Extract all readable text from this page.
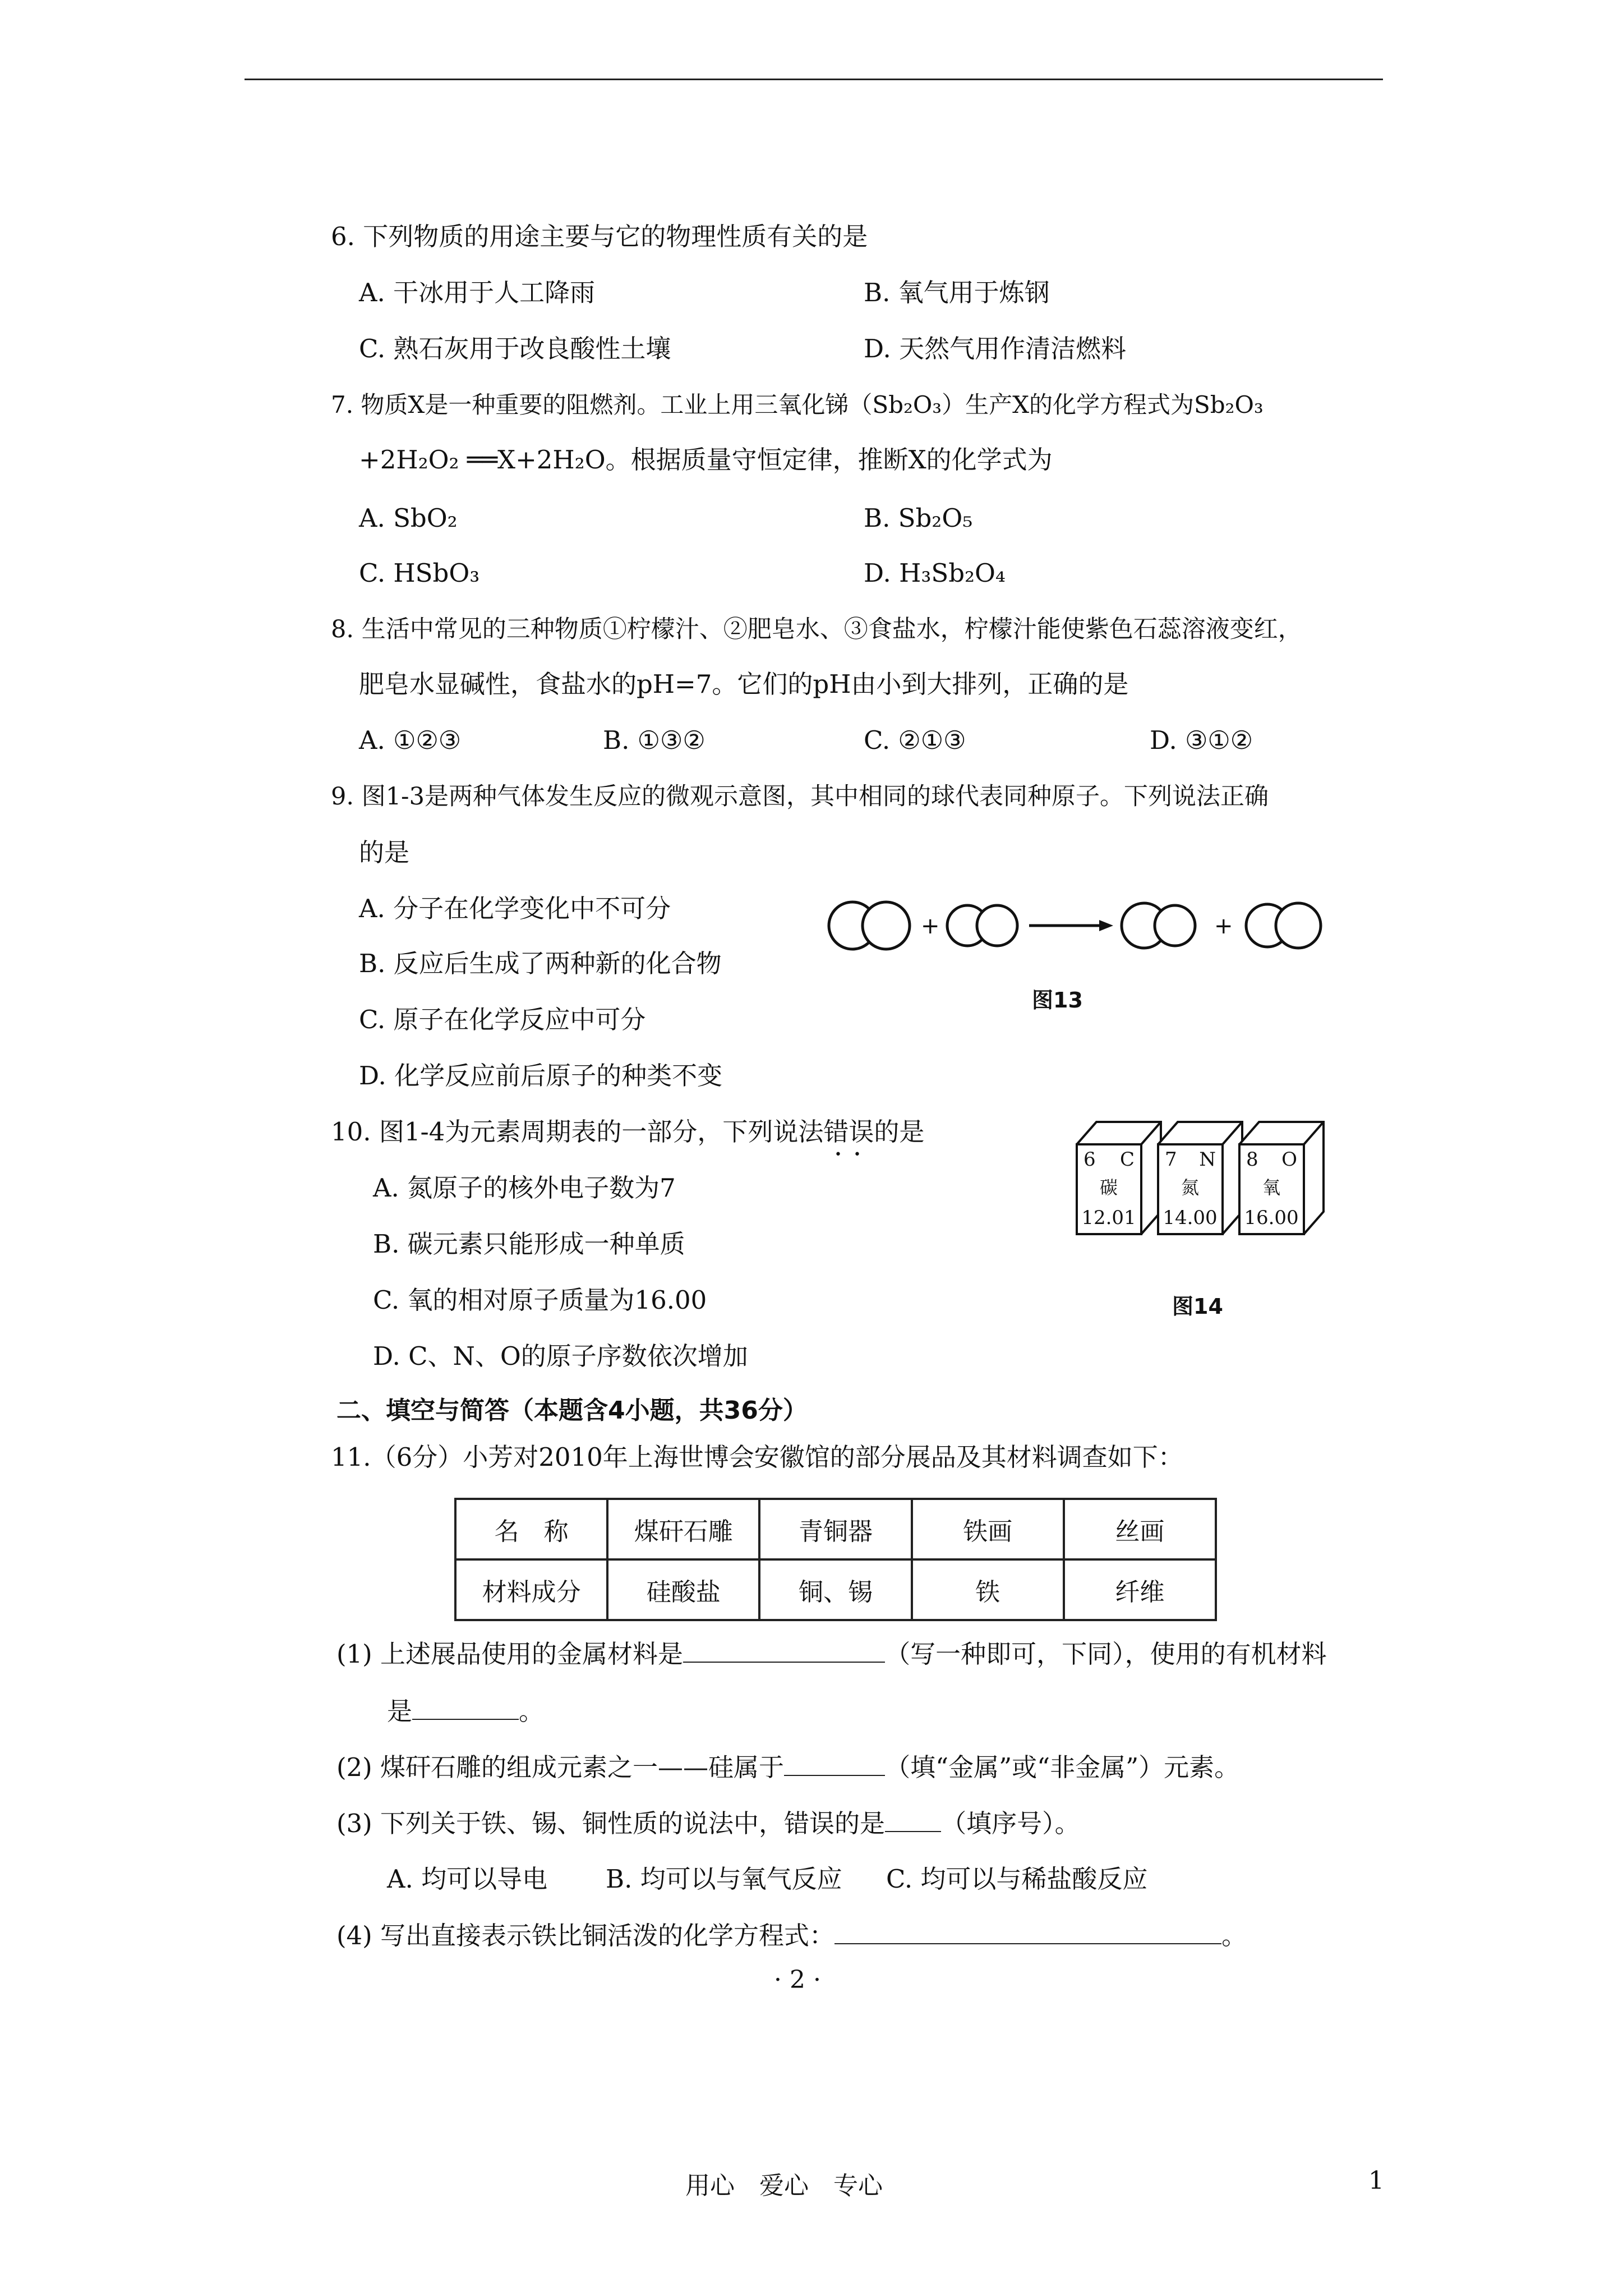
6. 下列物质的用途主要与它的物理性质有关的是
A. 干冰用于人工降雨	B. 氧气用于炼钢
C. 熟石灰用于改良酸性土壤	D. 天然气用作清洁燃料
7. 物质X是一种重要的阻燃剂。工业上用三氧化锑（Sb₂O₃）生产X的化学方程式为Sb₂O₃
+2H₂O₂ ══X+2H₂O。根据质量守恒定律，推断X的化学式为
A. SbO₂	B. Sb₂O₅
C. HSbO₃	D. H₃Sb₂O₄
8. 生活中常见的三种物质①柠檬汁、②肥皂水、③食盐水，柠檬汁能使紫色石蕊溶液变红，
肥皂水显碱性，食盐水的pH=7。它们的pH由小到大排列，正确的是
A. ①②③	B. ①③②	C. ②①③	D. ③①②
9. 图1-3是两种气体发生反应的微观示意图，其中相同的球代表同种原子。下列说法正确
的是
A. 分子在化学变化中不可分
B. 反应后生成了两种新的化合物
C. 原子在化学反应中可分
D. 化学反应前后原子的种类不变
+	+
图13
10. 图1-4为元素周期表的一部分，下列说法错误的是
•   •
A. 氮原子的核外电子数为7
B. 碳元素只能形成一种单质
C. 氧的相对原子质量为16.00
D. C、N、O的原子序数依次增加
6 C
碳
12.01
7 N
氮
14.00
8 O
氧
16.00
图14
二、填空与简答（本题含4小题，共36分）
11.（6分）小芳对2010年上海世博会安徽馆的部分展品及其材料调查如下：
名　称	煤矸石雕	青铜器	铁画	丝画
材料成分	硅酸盐	铜、锡	铁	纤维
(1) 上述展品使用的金属材料是	（写一种即可，下同），使用的有机材料
是	。
(2) 煤矸石雕的组成元素之一——硅属于	（填“金属”或“非金属”）元素。
(3) 下列关于铁、锡、铜性质的说法中，错误的是 （填序号）。
A. 均可以导电 B. 均可以与氧气反应 C. 均可以与稀盐酸反应
(4) 写出直接表示铁比铜活泼的化学方程式：	。
· 2 ·
用心　爱心　专心	1
